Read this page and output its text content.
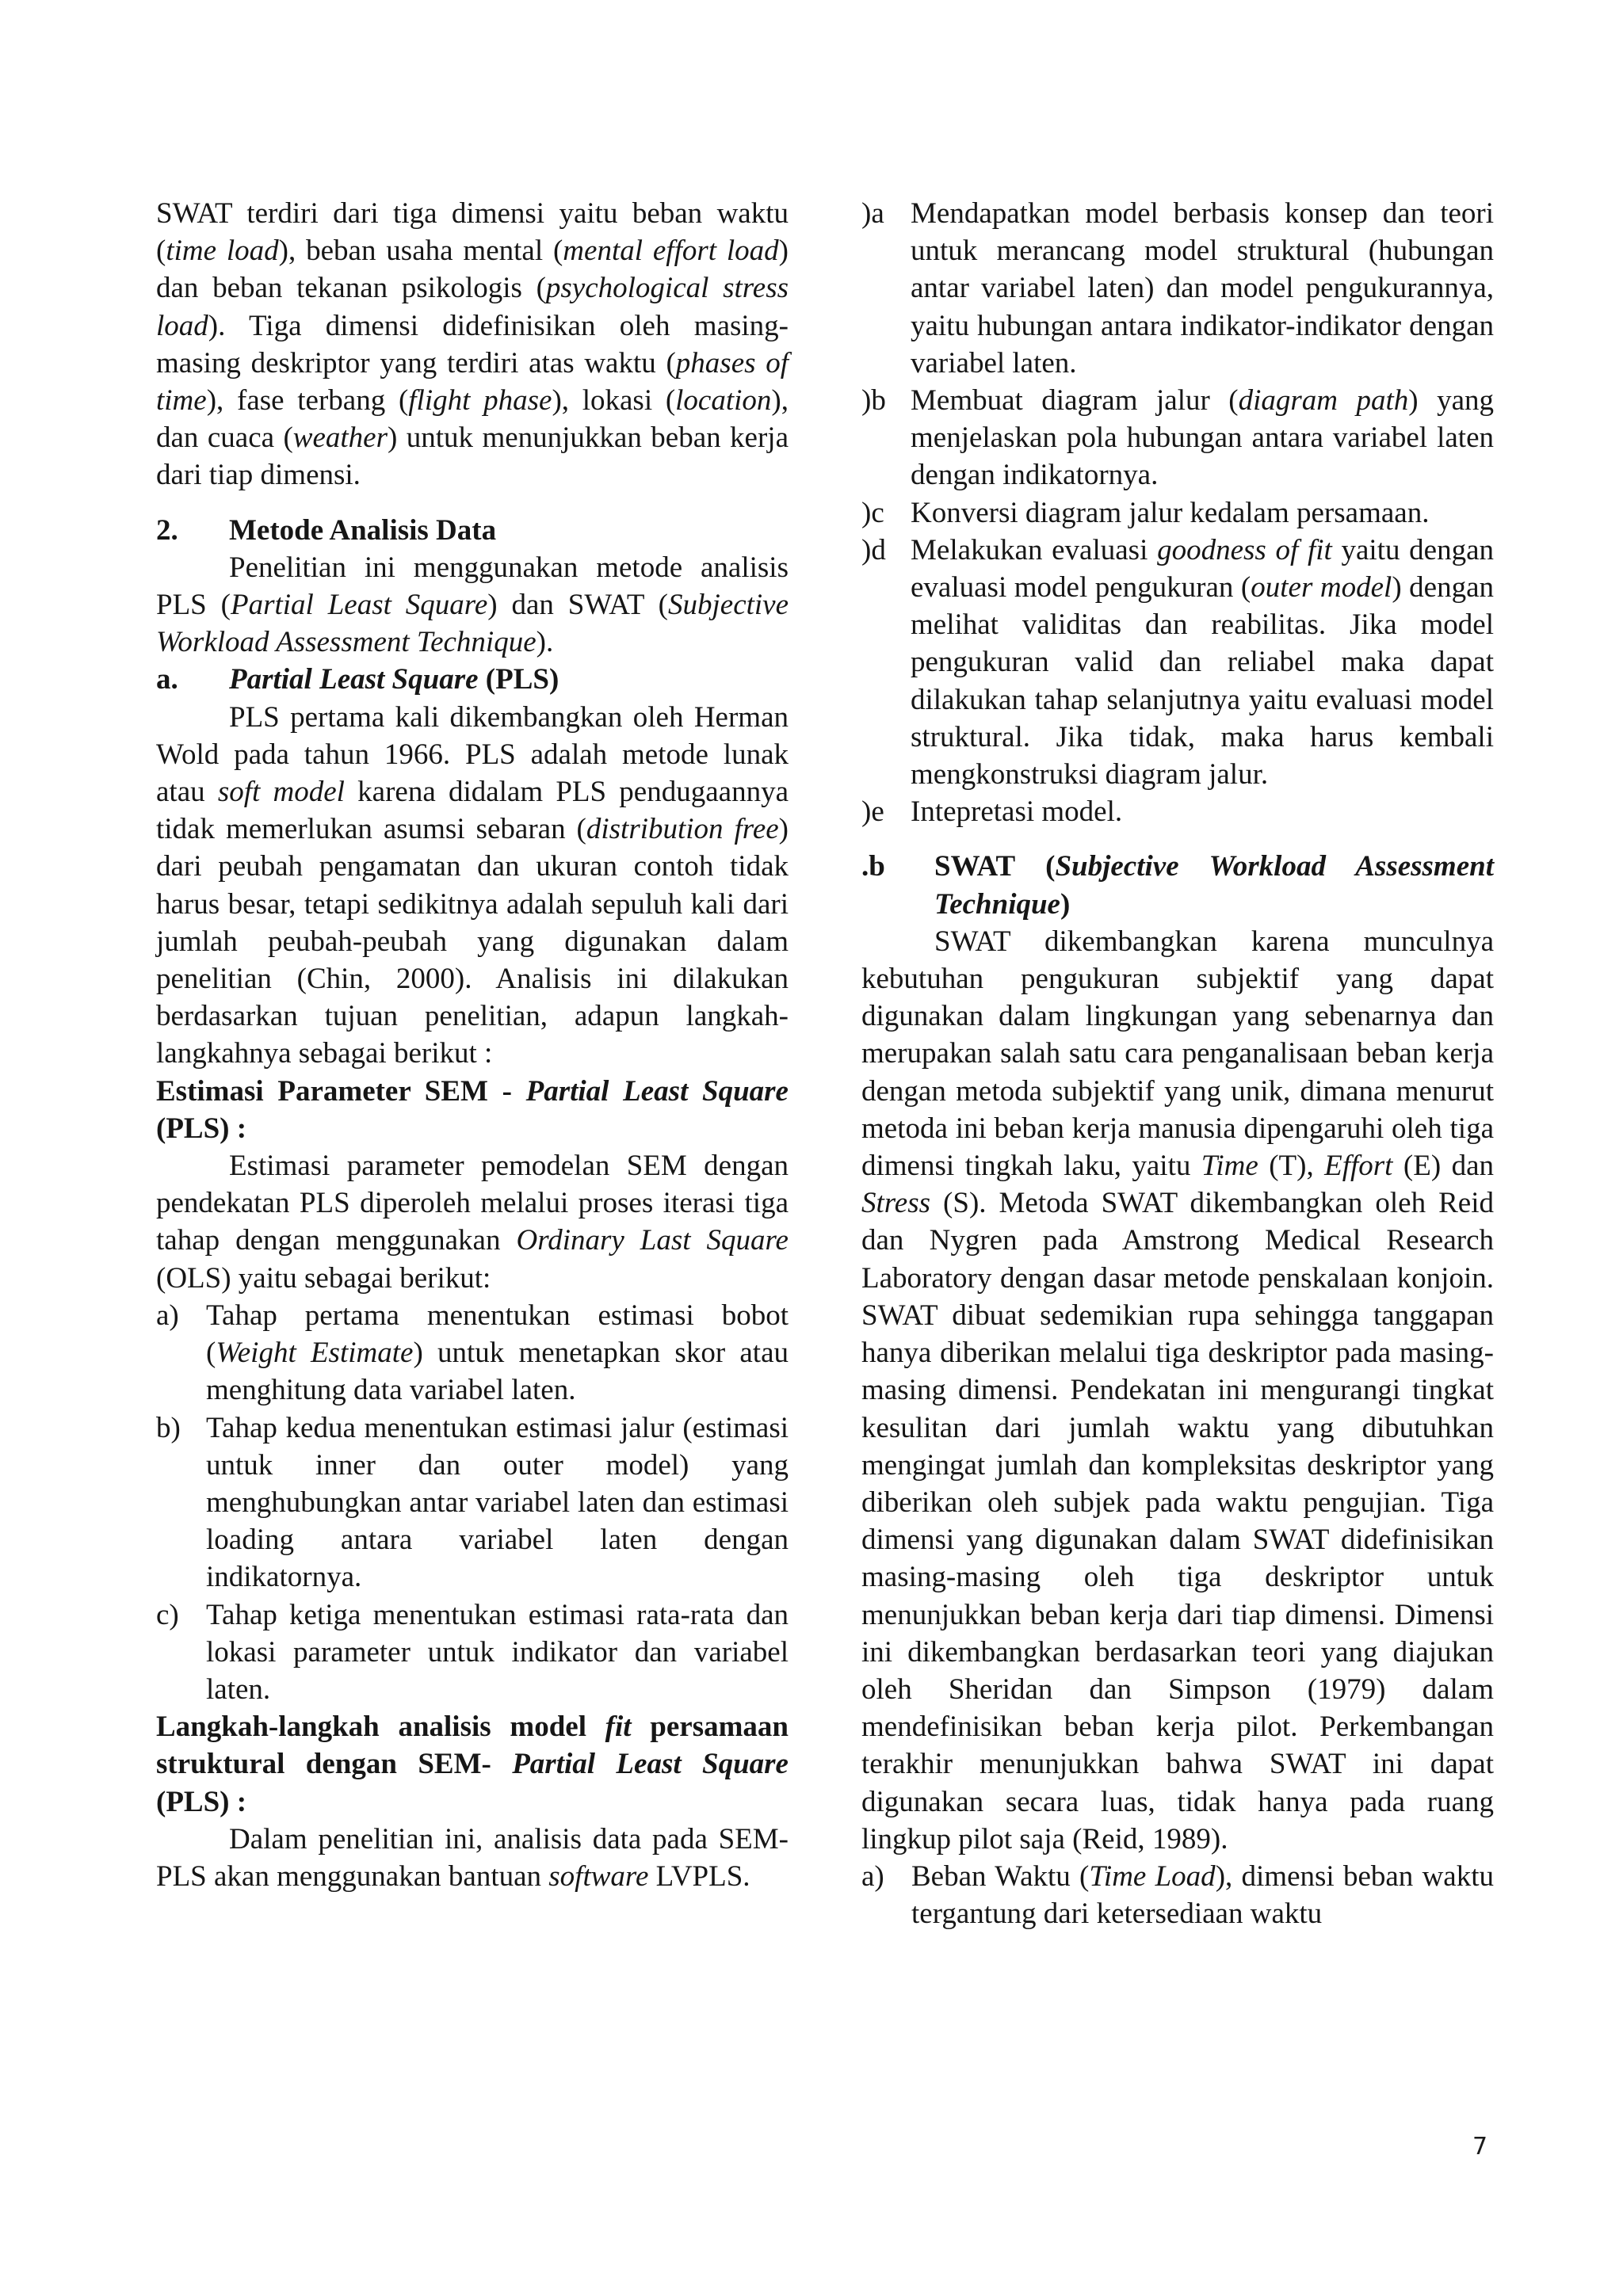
SWAT terdiri dari tiga dimensi yaitu beban waktu (time load), beban usaha mental (mental effort load) dan beban tekanan psikologis (psychological stress load). Tiga dimensi didefinisikan oleh masing-masing deskriptor yang terdiri atas waktu (phases of time), fase terbang (flight phase), lokasi (location), dan cuaca (weather) untuk menunjukkan beban kerja dari tiap dimensi.

2.	Metode Analisis Data

Penelitian ini menggunakan metode analisis PLS (Partial Least Square) dan SWAT (Subjective Workload Assessment Technique).

a.	Partial Least Square (PLS)

PLS pertama kali dikembangkan oleh Herman Wold pada tahun 1966. PLS adalah metode lunak atau soft model karena didalam PLS pendugaannya tidak memerlukan asumsi sebaran (distribution free) dari peubah pengamatan dan ukuran contoh tidak harus besar, tetapi sedikitnya adalah sepuluh kali dari jumlah peubah-peubah yang digunakan dalam penelitian (Chin, 2000). Analisis ini dilakukan berdasarkan tujuan penelitian, adapun langkah-langkahnya sebagai berikut :

Estimasi Parameter SEM - Partial Least Square (PLS) :

Estimasi parameter pemodelan SEM dengan pendekatan PLS diperoleh melalui proses iterasi tiga tahap dengan menggunakan Ordinary Last Square (OLS) yaitu sebagai berikut:

a) Tahap pertama menentukan estimasi bobot (Weight Estimate) untuk menetapkan skor atau menghitung data variabel laten.
b) Tahap kedua menentukan estimasi jalur (estimasi untuk inner dan outer model) yang menghubungkan antar variabel laten dan estimasi loading antara variabel laten dengan indikatornya.
c) Tahap ketiga menentukan estimasi rata-rata dan lokasi parameter untuk indikator dan variabel laten.

Langkah-langkah analisis model fit persamaan struktural dengan SEM- Partial Least Square (PLS) :

Dalam penelitian ini, analisis data pada SEM-PLS akan menggunakan bantuan software LVPLS.

)a Mendapatkan model berbasis konsep dan teori untuk merancang model struktural (hubungan antar variabel laten) dan model pengukurannya, yaitu hubungan antara indikator-indikator dengan variabel laten.
)b Membuat diagram jalur (diagram path) yang menjelaskan pola hubungan antara variabel laten dengan indikatornya.
)c Konversi diagram jalur kedalam persamaan.
)d Melakukan evaluasi goodness of fit yaitu dengan evaluasi model pengukuran (outer model) dengan melihat validitas dan reabilitas. Jika model pengukuran valid dan reliabel maka dapat dilakukan tahap selanjutnya yaitu evaluasi model struktural. Jika tidak, maka harus kembali mengkonstruksi diagram jalur.
)e Intepretasi model.
.b	SWAT (Subjective Workload Assessment Technique)

SWAT dikembangkan karena munculnya kebutuhan pengukuran subjektif yang dapat digunakan dalam lingkungan yang sebenarnya dan merupakan salah satu cara penganalisaan beban kerja dengan metoda subjektif yang unik, dimana menurut metoda ini beban kerja manusia dipengaruhi oleh tiga dimensi tingkah laku, yaitu Time (T), Effort (E) dan Stress (S). Metoda SWAT dikembangkan oleh Reid dan Nygren pada Amstrong Medical Research Laboratory dengan dasar metode penskalaan konjoin. SWAT dibuat sedemikian rupa sehingga tanggapan hanya diberikan melalui tiga deskriptor pada masing-masing dimensi. Pendekatan ini mengurangi tingkat kesulitan dari jumlah waktu yang dibutuhkan mengingat jumlah dan kompleksitas deskriptor yang diberikan oleh subjek pada waktu pengujian. Tiga dimensi yang digunakan dalam SWAT didefinisikan masing-masing oleh tiga deskriptor untuk menunjukkan beban kerja dari tiap dimensi. Dimensi ini dikembangkan berdasarkan teori yang diajukan oleh Sheridan dan Simpson (1979) dalam mendefinisikan beban kerja pilot. Perkembangan terakhir menunjukkan bahwa SWAT ini dapat digunakan secara luas, tidak hanya pada ruang lingkup pilot saja (Reid, 1989).

a) Beban Waktu (Time Load), dimensi beban waktu tergantung dari ketersediaan waktu
7
